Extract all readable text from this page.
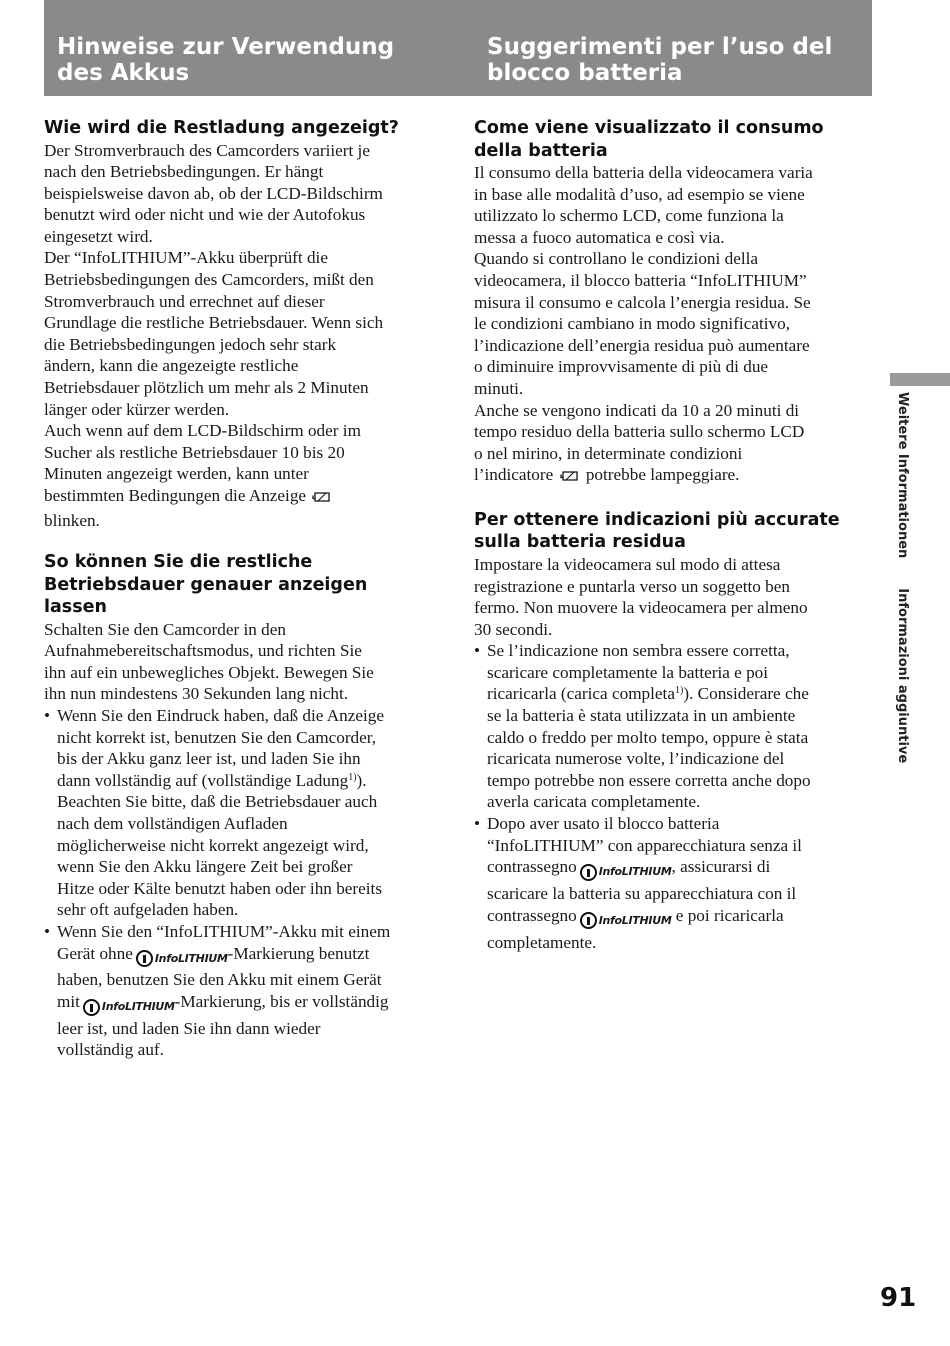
Hinweise zur Verwendung
des Akkus
Suggerimenti per l’uso del
blocco batteria
Wie wird die Restladung angezeigt?

Der Stromverbrauch des Camcorders variiert je
nach den Betriebsbedingungen. Er hängt
beispielsweise davon ab, ob der LCD-Bildschirm
benutzt wird oder nicht und wie der Autofokus
eingesetzt wird.

Der “InfoLITHIUM”-Akku überprüft die
Betriebsbedingungen des Camcorders, mißt den
Stromverbrauch und errechnet auf dieser
Grundlage die restliche Betriebsdauer. Wenn sich
die Betriebsbedingungen jedoch sehr stark
ändern, kann die angezeigte restliche
Betriebsdauer plötzlich um mehr als 2 Minuten
länger oder kürzer werden.

Auch wenn auf dem LCD-Bildschirm oder im
Sucher als restliche Betriebsdauer 10 bis 20
Minuten angezeigt werden, kann unter
bestimmten Bedingungen die Anzeige
blinken.

So können Sie die restliche
Betriebsdauer genauer anzeigen
lassen

Schalten Sie den Camcorder in den
Aufnahmebereitschaftsmodus, und richten Sie
ihn auf ein unbewegliches Objekt. Bewegen Sie
ihn nun mindestens 30 Sekunden lang nicht.

• Wenn Sie den Eindruck haben, daß die Anzeige
nicht korrekt ist, benutzen Sie den Camcorder,
bis der Akku ganz leer ist, und laden Sie ihn
dann vollständig auf (vollständige Ladung$^{1)}$).
Beachten Sie bitte, daß die Betriebsdauer auch
nach dem vollständigen Aufladen
möglicherweise nicht korrekt angezeigt wird,
wenn Sie den Akku längere Zeit bei großer
Hitze oder Kälte benutzt haben oder ihn bereits
sehr oft aufgeladen haben.
• Wenn Sie den “InfoLITHIUM”-Akku mit einem
Gerät ohne InfoLITHIUM-Markierung benutzt
haben, benutzen Sie den Akku mit einem Gerät
mit InfoLITHIUM-Markierung, bis er vollständig
leer ist, und laden Sie ihn dann wieder
vollständig auf.
Come viene visualizzato il consumo
della batteria

Il consumo della batteria della videocamera varia
in base alle modalità d’uso, ad esempio se viene
utilizzato lo schermo LCD, come funziona la
messa a fuoco automatica e così via.

Quando si controllano le condizioni della
videocamera, il blocco batteria “InfoLITHIUM”
misura il consumo e calcola l’energia residua. Se
le condizioni cambiano in modo significativo,
l’indicazione dell’energia residua può aumentare
o diminuire improvvisamente di più di due
minuti.

Anche se vengono indicati da 10 a 20 minuti di
tempo residuo della batteria sullo schermo LCD
o nel mirino, in determinate condizioni
l’indicatore  potrebbe lampeggiare.

Per ottenere indicazioni più accurate
sulla batteria residua

Impostare la videocamera sul modo di attesa
registrazione e puntarla verso un soggetto ben
fermo. Non muovere la videocamera per almeno
30 secondi.

• Se l’indicazione non sembra essere corretta,
scaricare completamente la batteria e poi
ricaricarla (carica completa$^{1)}$). Considerare che
se la batteria è stata utilizzata in un ambiente
caldo o freddo per molto tempo, oppure è stata
ricaricata numerose volte, l’indicazione del
tempo potrebbe non essere corretta anche dopo
averla caricata completamente.
• Dopo aver usato il blocco batteria
“InfoLITHIUM” con apparecchiatura senza il
contrassegno InfoLITHIUM, assicurarsi di
scaricare la batteria su apparecchiatura con il
contrassegno InfoLITHIUM e poi ricaricarla
completamente.
Weitere InformationenInformazioni aggiuntive
91
